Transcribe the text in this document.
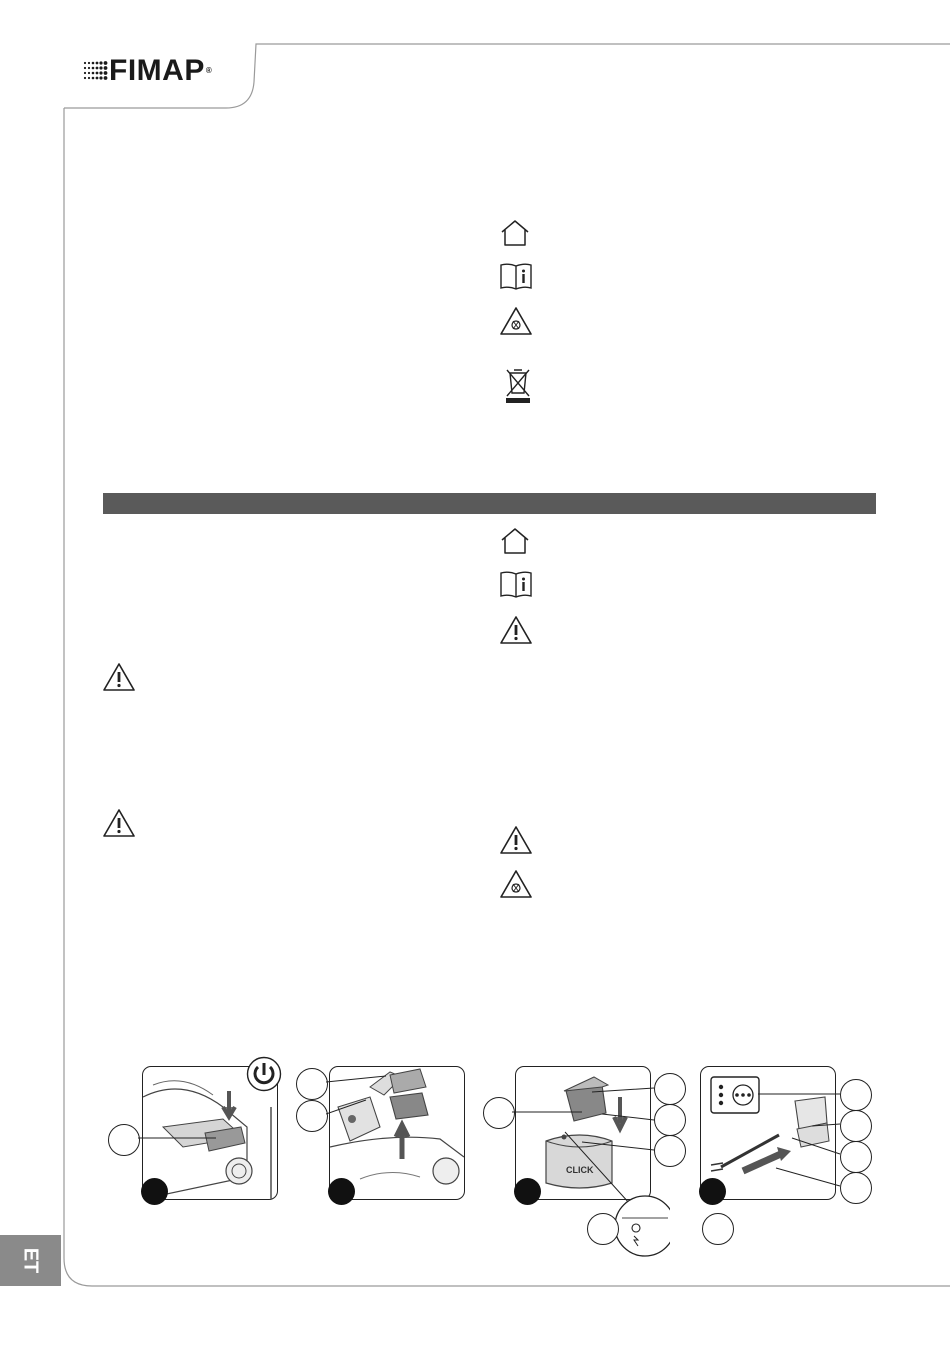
FIMAP ®
CLICK
ET
